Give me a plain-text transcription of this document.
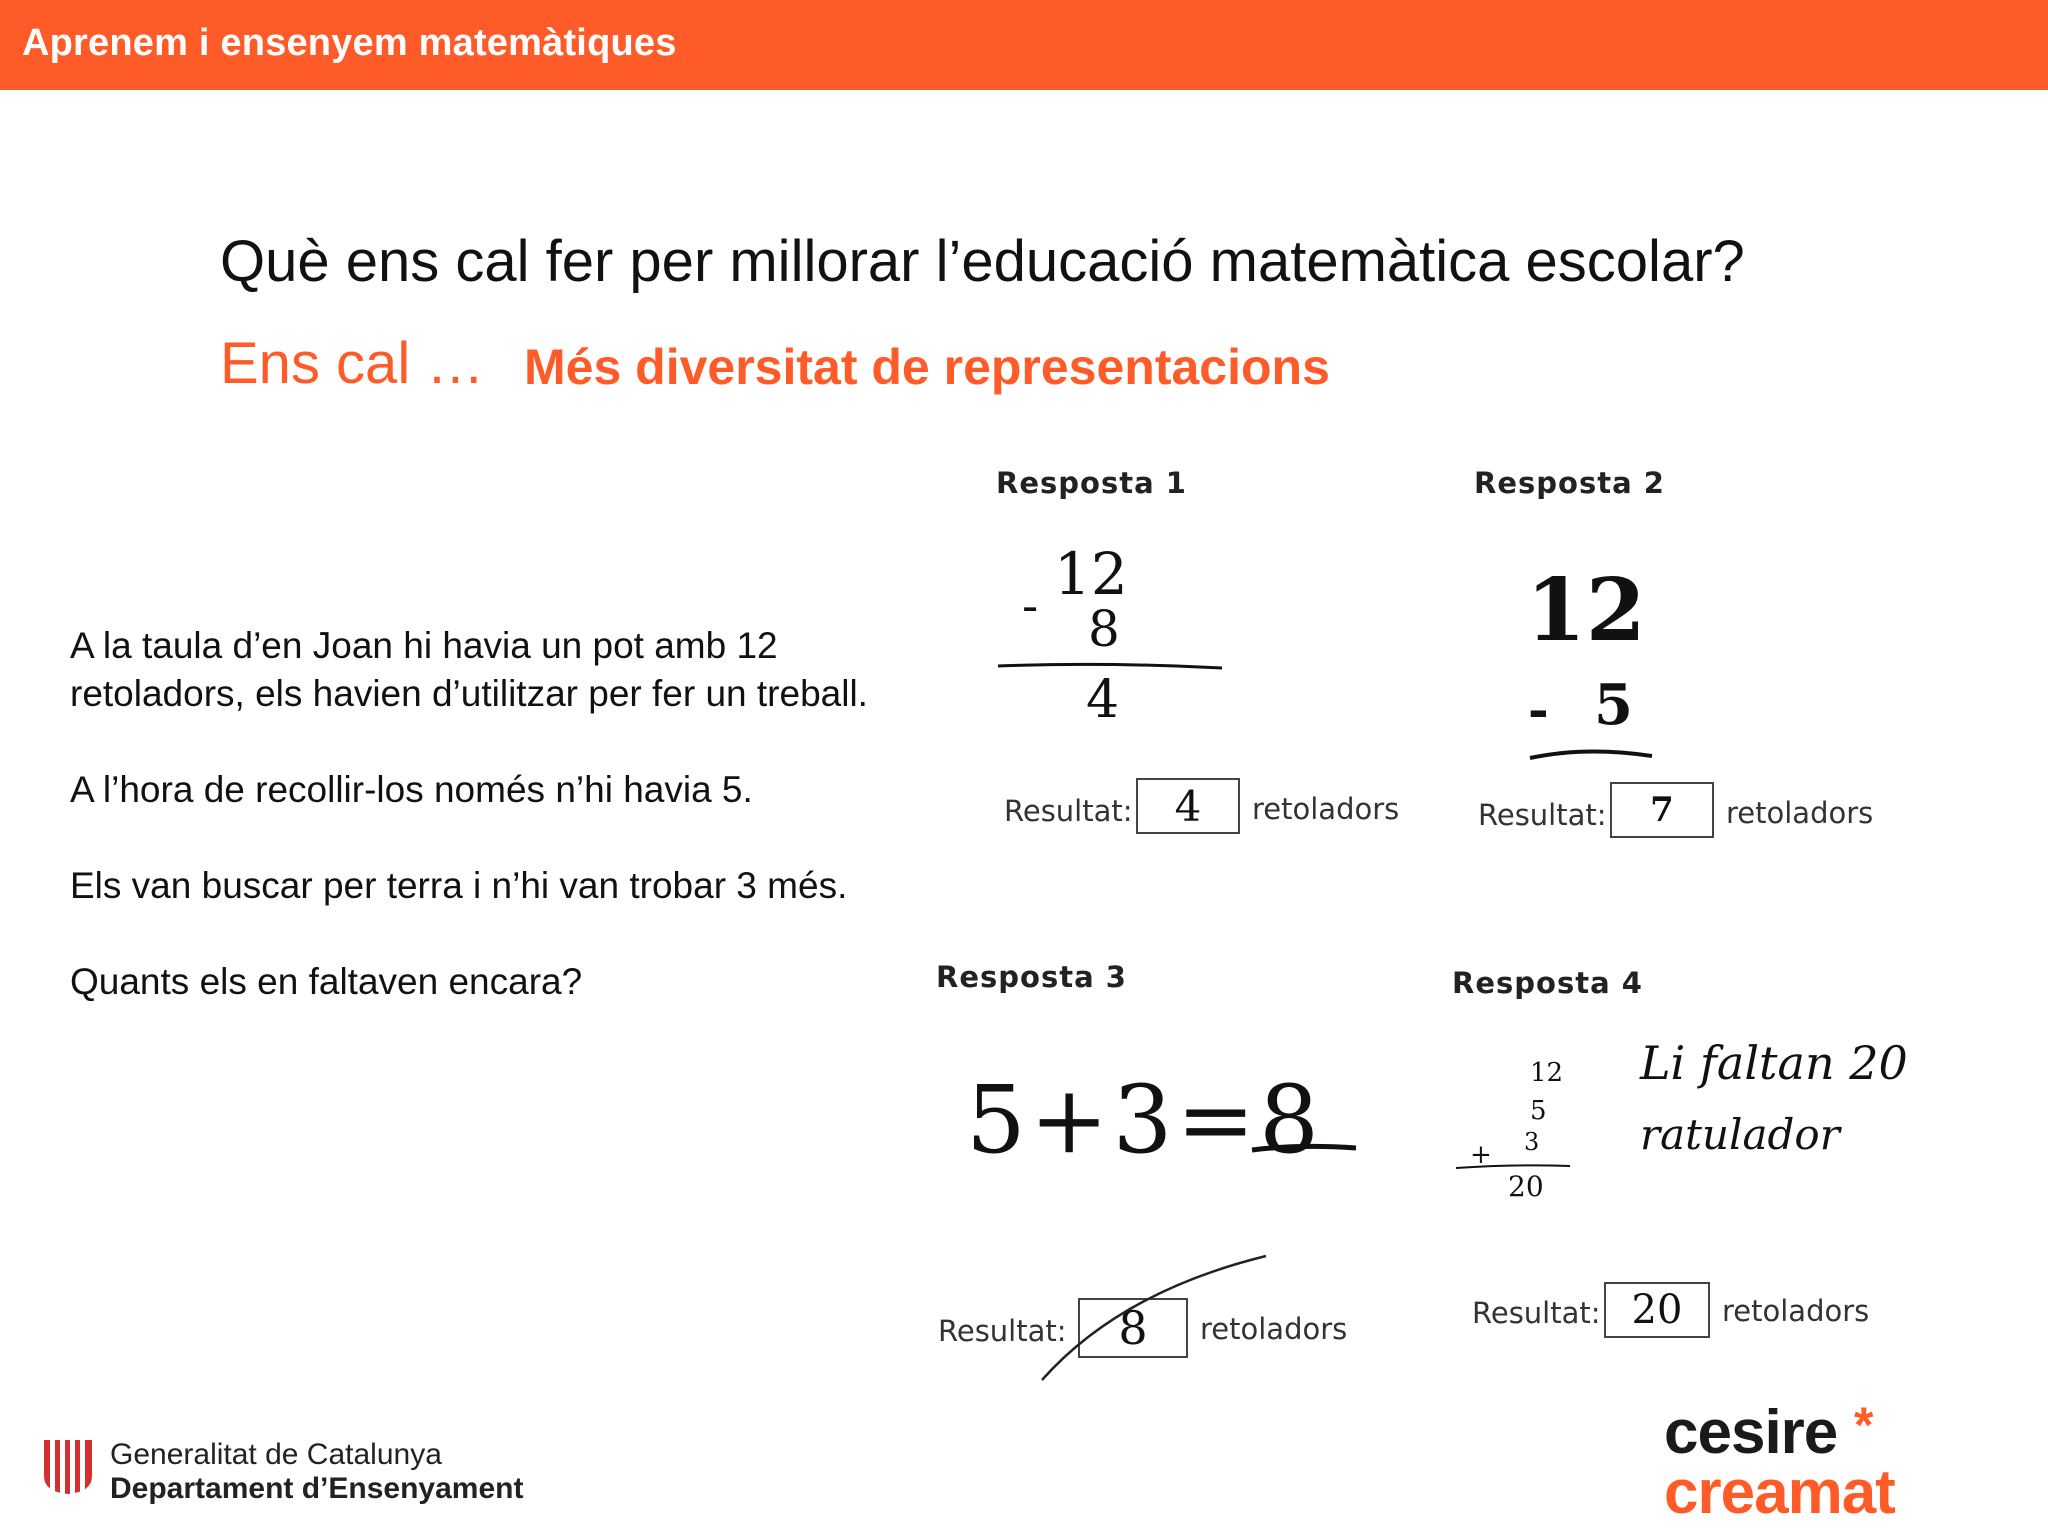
Aprenem i ensenyem matemàtiques
Què ens cal fer per millorar l’educació matemàtica escolar?
Ens cal … Més diversitat de representacions

A la taula d’en Joan hi havia un pot amb 12

retoladors, els havien d’utilitzar per fer un treball.

A l’hora de recollir-los només n’hi havia 5.

Els van buscar per terra i n’hi van trobar 3 més.

Quants els en faltaven encara?

Resposta 1
12
- 8
4
Resultat: 4 retoladors
Resposta 2
12
- 5
Resultat: 7 retoladors
Resposta 3
5+3=8
Resultat: 8 retoladors
Resposta 4
12
5
3
+
20
Li faltan 20
ratulador
Resultat: 20 retoladors
Generalitat de Catalunya
Departament d’Ensenyament
cesire *
creamat
